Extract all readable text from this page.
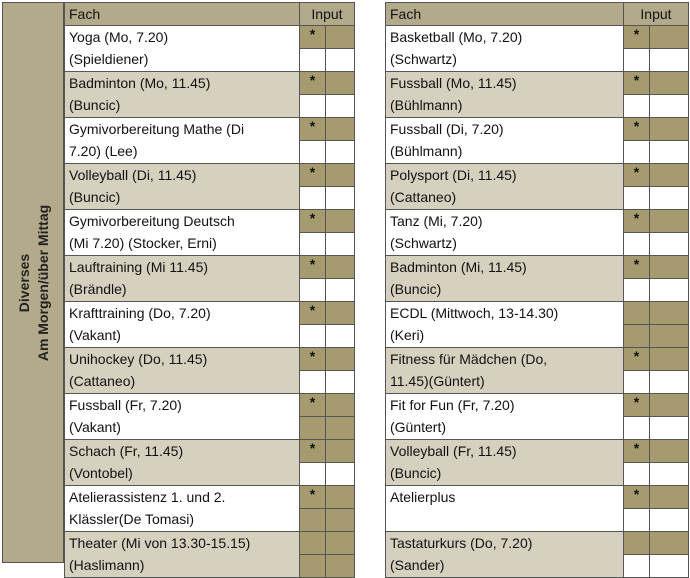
Diverses Am Morgen/über Mittag
Fach	Input

Yoga (Mo, 7.20)
(Spieldiener)	*

Badminton (Mo, 11.45)
(Buncic)	*

Gymivorbereitung Mathe (Di
7.20) (Lee)	*

Volleyball (Di, 11.45)
(Buncic)	*

Gymivorbereitung Deutsch
(Mi 7.20) (Stocker, Erni)	*

Lauftraining (Mi 11.45)
(Brändle)	*

Krafttraining (Do, 7.20)
(Vakant)	*

Unihockey (Do, 11.45)
(Cattaneo)	*

Fussball (Fr, 7.20)
(Vakant)	*

Schach (Fr, 11.45)
(Vontobel)	*

Atelierassistenz 1. und 2.
Klässler(De Tomasi)	*

Theater (Mi von 13.30-15.15)
(Haslimann)	

Fach	Input

Basketball (Mo, 7.20)
(Schwartz)	*

Fussball (Mo, 11.45)
(Bühlmann)	*

Fussball (Di, 7.20)
(Bühlmann)	*

Polysport (Di, 11.45)
(Cattaneo)	*

Tanz (Mi, 7.20)
(Schwartz)	*

Badminton (Mi, 11.45)
(Buncic)	*

ECDL (Mittwoch, 13-14.30)
(Keri)	

Fitness für Mädchen (Do,
11.45)(Güntert)	*

Fit for Fun (Fr, 7.20)
(Güntert)	*

Volleyball (Fr, 11.45)
(Buncic)	*

Atelierplus	*

Tastaturkurs (Do, 7.20)
(Sander)	
